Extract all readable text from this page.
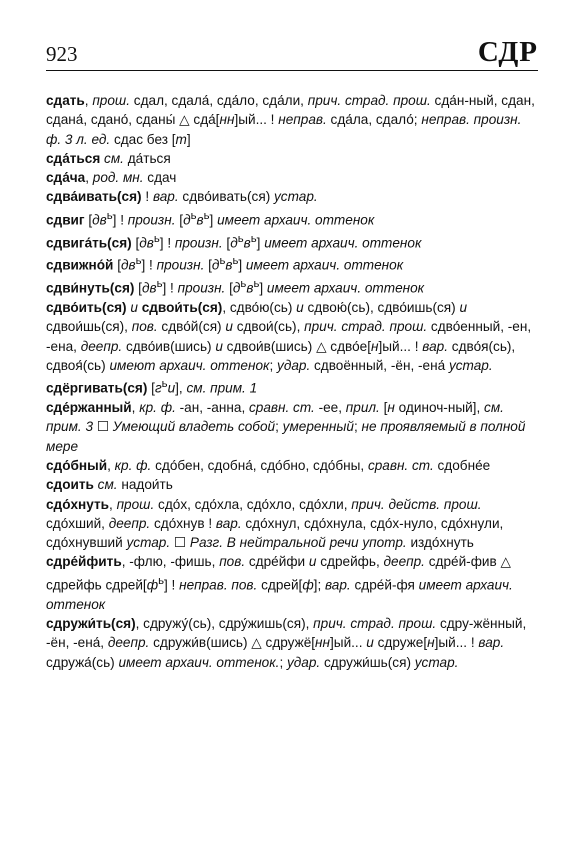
923	СДР

сдать, прош. сдал, сдала́, сда́ло, сда́ли, прич. страд. прош. сда́н-ный, сдан, сдана́, сдано́, сданы́ △ сда́[нн]ый... ! неправ. сда́ла, сдало́; неправ. произн. ф. 3 л. ед. сдас без [т]

сда́ться см. да́ться

сда́ча, род. мн. сдач

сдва́ивать(ся) ! вар. сдво́ивать(ся) устар.

сдвиг $[дв^ь]$ ! произн. $[д^ьв^ь]$ имеет архаич. оттенок

сдвига́ть(ся) $[дв^ь]$ ! произн. $[д^ьв^ь]$ имеет архаич. оттенок

сдвижно́й $[дв^ь]$ ! произн. $[д^ьв^ь]$ имеет архаич. оттенок

сдви́нуть(ся) $[дв^ь]$ ! произн. $[д^ьв^ь]$ имеет архаич. оттенок

сдво́ить(ся) и сдвои́ть(ся), сдво́ю(сь) и сдвою́(сь), сдво́ишь(ся) и сдвои́шь(ся), пов. сдво́й(ся) и сдвои́(сь), прич. страд. прош. сдво́енный, -ен, -ена, деепр. сдво́ив(шись) и сдвои́в(шись) △ сдво́е[н]ый... ! вар. сдво́я(сь), сдвоя́(сь) имеют архаич. оттенок; удар. сдвоённый, -ён, -ена́ устар.

сдёргивать(ся) $[г^ьи]$, см. прим. 1

сде́ржанный, кр. ф. -ан, -анна, сравн. ст. -ее, прил. [н одиноч-ный], см. прим. 3 ☐ Умеющий владеть собой; умеренный; не проявляемый в полной мере

сдо́бный, кр. ф. сдо́бен, сдобна́, сдо́бно, сдо́бны, сравн. ст. сдобне́е

сдоить см. надои́ть

сдо́хнуть, прош. сдо́х, сдо́хла, сдо́хло, сдо́хли, прич. действ. прош. сдо́хший, деепр. сдо́хнув ! вар. сдо́хнул, сдо́хнула, сдо́х-нуло, сдо́хнули, сдо́хнувший устар. ☐ Разг. В нейтральной речи употр. издо́хнуть

сдре́йфить, -флю, -фишь, пов. сдре́йфи и сдрейфь, деепр. сдре́й-фив △ сдрейфь $сдрей[ф^ь]$ ! неправ. пов. сдрей[ф]; вар. сдре́й-фя имеет архаич. оттенок

сдружи́ть(ся), сдружу́(сь), сдру́жишь(ся), прич. страд. прош. сдру-жённый, -ён, -ена́, деепр. сдружи́в(шись) △ сдружё[нн]ый... и сдруже[н]ый... ! вар. сдружа́(сь) имеет архаич. оттенок.; удар. сдружи́шь(ся) устар.
